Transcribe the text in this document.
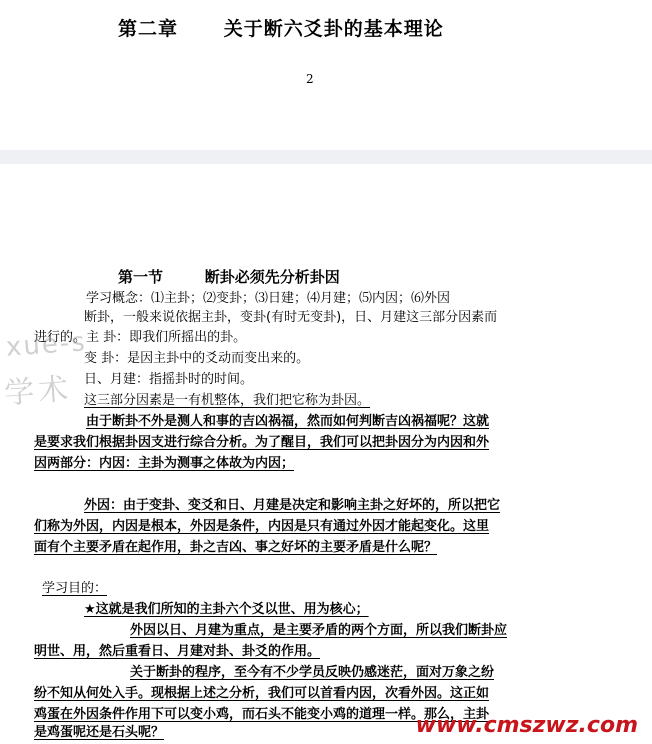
第二章      关于断六爻卦的基本理论
2
第一节        断卦必须先分析卦因
学习概念：⑴主卦；⑵变卦；⑶日建；⑷月建；⑸内因；⑹外因
断卦，一般来说依据主卦，变卦(有时无变卦)，日、月建这三部分因素而
进行的。主 卦：即我们所摇出的卦。
变 卦：是因主卦中的爻动而变出来的。
日、月建：指摇卦时的时间。
这三部分因素是一有机整体，我们把它称为卦因。
由于断卦不外是测人和事的吉凶祸福，然而如何判断吉凶祸福呢？这就
是要求我们根据卦因支进行综合分析。为了醒目，我们可以把卦因分为内因和外
因两部分：内因：主卦为测事之体故为内因；
外因：由于变卦、变爻和日、月建是决定和影响主卦之好坏的，所以把它
们称为外因，内因是根本，外因是条件，内因是只有通过外因才能起变化。这里
面有个主要矛盾在起作用，卦之吉凶、事之好坏的主要矛盾是什么呢？
学习目的：
★这就是我们所知的主卦六个爻以世、用为核心；
外因以日、月建为重点，是主要矛盾的两个方面，所以我们断卦应
明世、用，然后重看日、月建对卦、卦爻的作用。
关于断卦的程序，至今有不少学员反映仍感迷茫，面对万象之纷
纷不知从何处入手。现根据上述之分析，我们可以首看内因，次看外因。这正如
鸡蛋在外因条件作用下可以变小鸡，而石头不能变小鸡的道理一样。那么，主卦
是鸡蛋呢还是石头呢？
xue-s
学术
www.cmszwz.com
